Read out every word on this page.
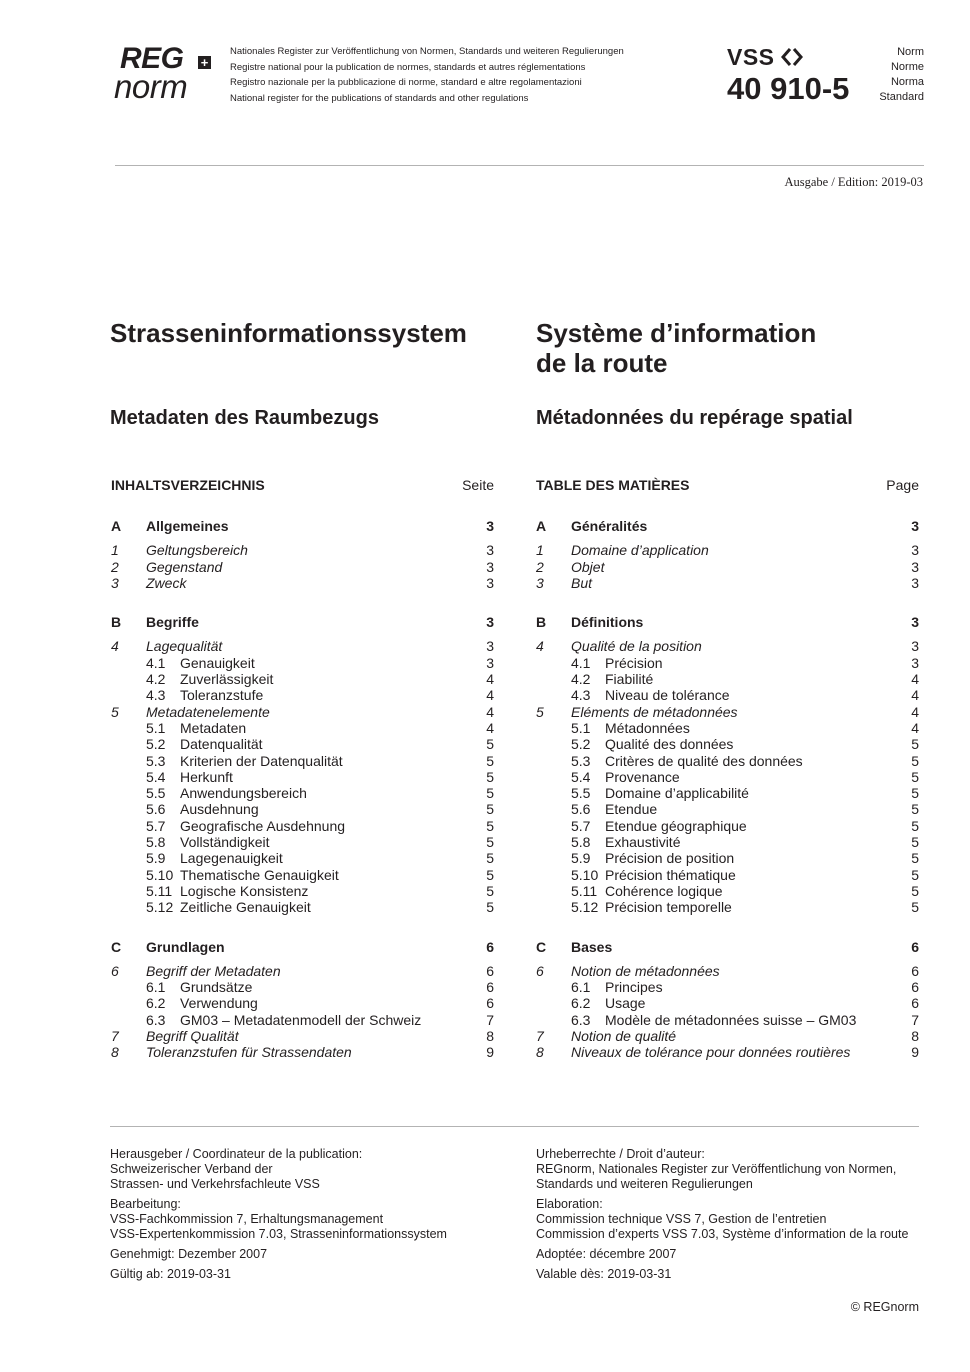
REG +
norm
Nationales Register zur Veröffentlichung von Normen, Standards und weiteren Regulierungen
Registre national pour la publication de normes, standards et autres réglementations
Registro nazionale per la pubblicazione di norme, standard e altre regolamentazioni
National register for the publications of standards and other regulations
VSS
40 910-5
Norm
Norme
Norma
Standard
Ausgabe / Edition: 2019-03
Strasseninformationssystem	Système d’information
de la route
Metadaten des Raumbezugs	Métadonnées du repérage spatial
INHALTSVERZEICHNIS	Seite
A Allgemeines	3
1 Geltungsbereich	3
2 Gegenstand	3
3 Zweck	3
B Begriffe	3
4 Lagequalität	3
4.1 Genauigkeit	3
4.2 Zuverlässigkeit	4
4.3 Toleranzstufe	4
5 Metadatenelemente	4
5.1 Metadaten	4
5.2 Datenqualität	5
5.3 Kriterien der Datenqualität	5
5.4 Herkunft	5
5.5 Anwendungsbereich	5
5.6 Ausdehnung	5
5.7 Geografische Ausdehnung	5
5.8 Vollständigkeit	5
5.9 Lagegenauigkeit	5
5.10 Thematische Genauigkeit	5
5.11 Logische Konsistenz	5
5.12 Zeitliche Genauigkeit	5
C Grundlagen	6
6 Begriff der Metadaten	6
6.1 Grundsätze	6
6.2 Verwendung	6
6.3 GM03 – Metadatenmodell der Schweiz	7
7 Begriff Qualität	8
8 Toleranzstufen für Strassendaten	9
TABLE DES MATIÈRES	Page
A Généralités	3
1 Domaine d’application	3
2 Objet	3
3 But	3
B Définitions	3
4 Qualité de la position	3
4.1 Précision	3
4.2 Fiabilité	4
4.3 Niveau de tolérance	4
5 Eléments de métadonnées	4
5.1 Métadonnées	4
5.2 Qualité des données	5
5.3 Critères de qualité des données	5
5.4 Provenance	5
5.5 Domaine d’applicabilité	5
5.6 Etendue	5
5.7 Etendue géographique	5
5.8 Exhaustivité	5
5.9 Précision de position	5
5.10 Précision thématique	5
5.11 Cohérence logique	5
5.12 Précision temporelle	5
C Bases	6
6 Notion de métadonnées	6
6.1 Principes	6
6.2 Usage	6
6.3 Modèle de métadonnées suisse – GM03	7
7 Notion de qualité	8
8 Niveaux de tolérance pour données routières	9

Herausgeber / Coordinateur de la publication:
Schweizerischer Verband der
Strassen- und Verkehrsfachleute VSS

Bearbeitung:
VSS-Fachkommission 7, Erhaltungsmanagement
VSS-Expertenkommission 7.03, Strasseninformationssystem

Genehmigt: Dezember 2007

Gültig ab: 2019-03-31

Urheberrechte / Droit d’auteur:
REGnorm, Nationales Register zur Veröffentlichung von Normen,
Standards und weiteren Regulierungen

Elaboration:
Commission technique VSS 7, Gestion de l’entretien
Commission d’experts VSS 7.03, Système d’information de la route

Adoptée: décembre 2007

Valable dès: 2019-03-31

© REGnorm
